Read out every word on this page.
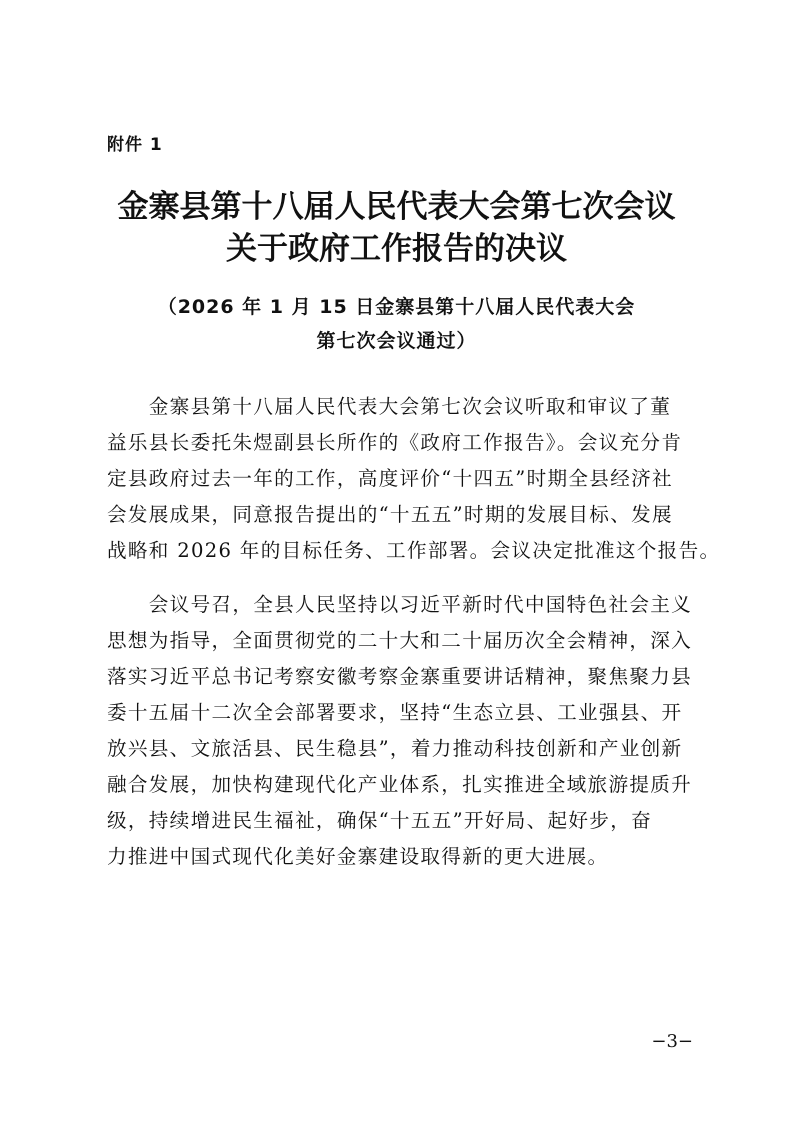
附件 1
金寨县第十八届人民代表大会第七次会议
关于政府工作报告的决议
（2026 年 1 月 15 日金寨县第十八届人民代表大会
第七次会议通过）
　　金寨县第十八届人民代表大会第七次会议听取和审议了董
益乐县长委托朱煜副县长所作的《政府工作报告》。会议充分肯
定县政府过去一年的工作，高度评价“十四五”时期全县经济社
会发展成果，同意报告提出的“十五五”时期的发展目标、发展
战略和 2026 年的目标任务、工作部署。会议决定批准这个报告。
　　会议号召，全县人民坚持以习近平新时代中国特色社会主义
思想为指导，全面贯彻党的二十大和二十届历次全会精神，深入
落实习近平总书记考察安徽考察金寨重要讲话精神，聚焦聚力县
委十五届十二次全会部署要求，坚持“生态立县、工业强县、开
放兴县、文旅活县、民生稳县”，着力推动科技创新和产业创新
融合发展，加快构建现代化产业体系，扎实推进全域旅游提质升
级，持续增进民生福祉，确保“十五五”开好局、起好步，奋
力推进中国式现代化美好金寨建设取得新的更大进展。
−3−
